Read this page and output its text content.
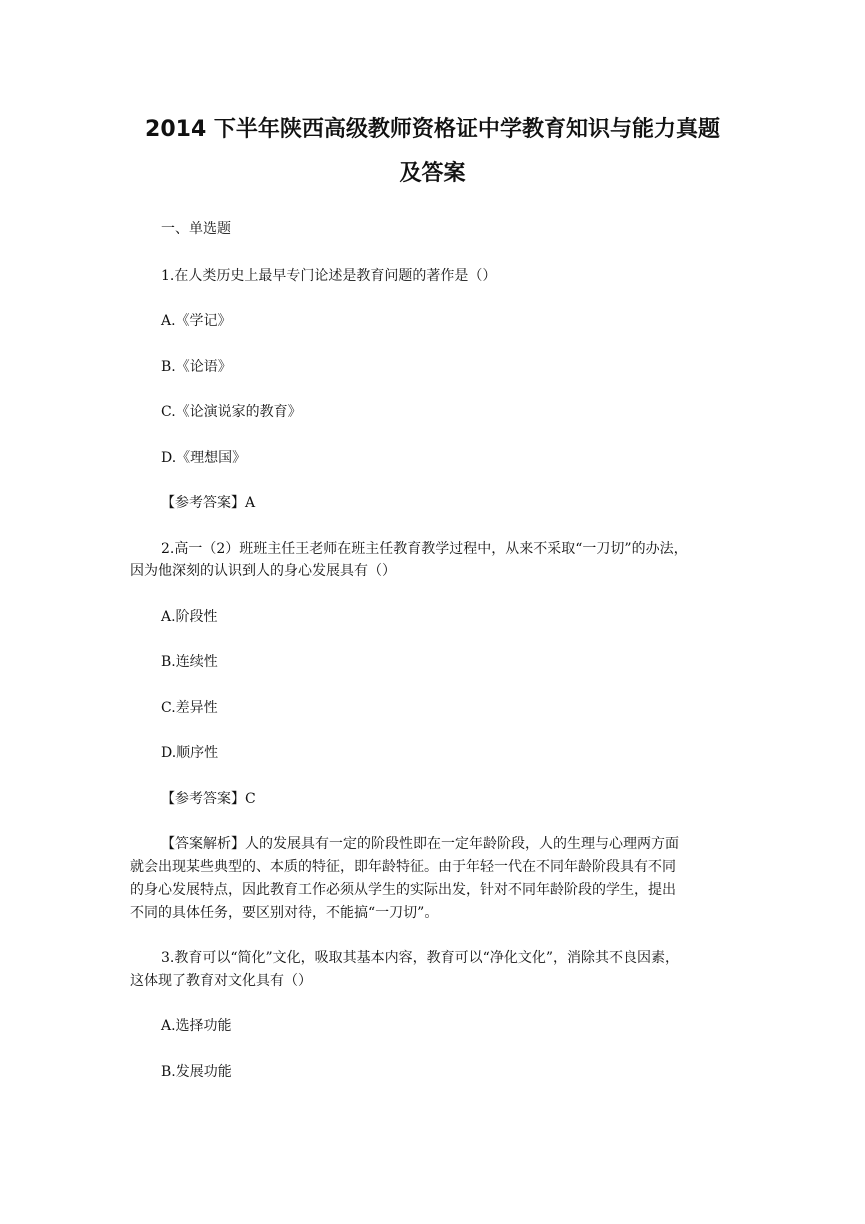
2014 下半年陕西高级教师资格证中学教育知识与能力真题
及答案

一、单选题

1.在人类历史上最早专门论述是教育问题的著作是（）

A.《学记》

B.《论语》

C.《论演说家的教育》

D.《理想国》

【参考答案】A

2.高一（2）班班主任王老师在班主任教育教学过程中，从来不采取“一刀切”的办法，

因为他深刻的认识到人的身心发展具有（）

A.阶段性

B.连续性

C.差异性

D.顺序性

【参考答案】C

【答案解析】人的发展具有一定的阶段性即在一定年龄阶段，人的生理与心理两方面

就会出现某些典型的、本质的特征，即年龄特征。由于年轻一代在不同年龄阶段具有不同

的身心发展特点，因此教育工作必须从学生的实际出发，针对不同年龄阶段的学生，提出

不同的具体任务，要区别对待，不能搞“一刀切”。

3.教育可以“简化”文化，吸取其基本内容，教育可以“净化文化”，消除其不良因素，

这体现了教育对文化具有（）

A.选择功能

B.发展功能
